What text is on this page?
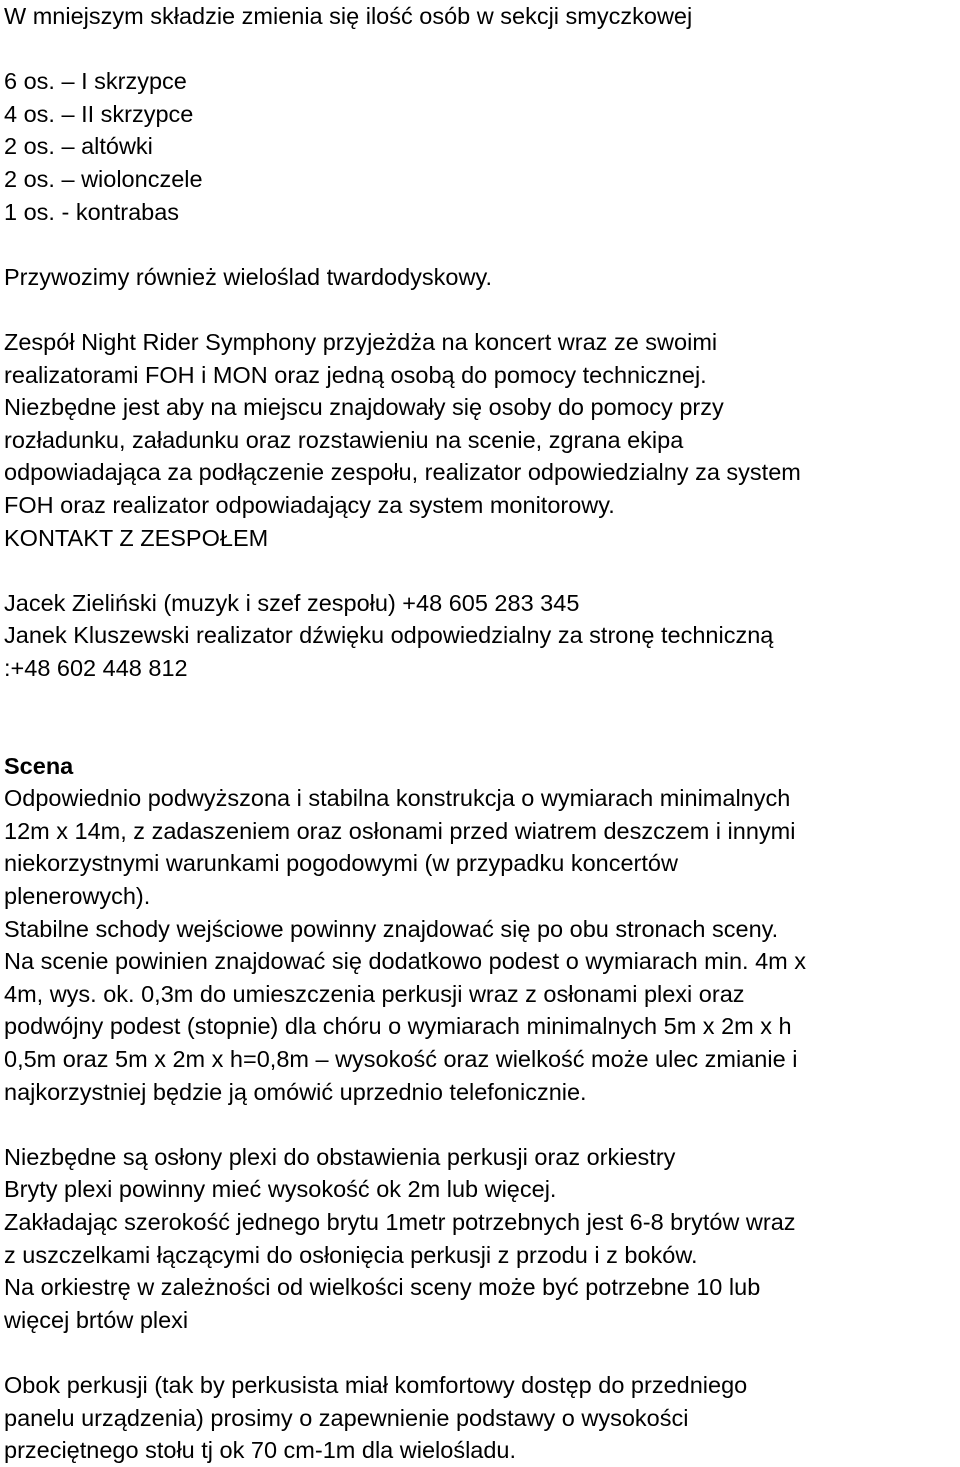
W mniejszym składzie zmienia się ilość osób w sekcji smyczkowej
6 os. – I skrzypce
4 os. – II skrzypce
2 os. – altówki
2 os. – wiolonczele
1 os. - kontrabas
Przywozimy również wieloślad twardodyskowy.
Zespół Night Rider Symphony przyjeżdża na koncert wraz ze swoimi
realizatorami FOH i MON oraz jedną osobą do pomocy technicznej.
Niezbędne jest aby na miejscu znajdowały się osoby do pomocy przy
rozładunku, załadunku oraz rozstawieniu na scenie, zgrana ekipa
odpowiadająca za podłączenie zespołu, realizator odpowiedzialny za system
FOH oraz realizator odpowiadający za system monitorowy.
KONTAKT Z ZESPOŁEM
Jacek Zieliński (muzyk i szef zespołu) +48 605 283 345
Janek Kluszewski realizator dźwięku odpowiedzialny za stronę techniczną
:+48 602 448 812
Scena
Odpowiednio podwyższona i stabilna konstrukcja o wymiarach minimalnych
12m x 14m, z zadaszeniem oraz osłonami przed wiatrem deszczem i innymi
niekorzystnymi warunkami pogodowymi (w przypadku koncertów
plenerowych).
Stabilne schody wejściowe powinny znajdować się po obu stronach sceny.
Na scenie powinien znajdować się dodatkowo podest o wymiarach min. 4m x
4m, wys. ok. 0,3m do umieszczenia perkusji wraz z osłonami plexi oraz
podwójny podest (stopnie) dla chóru o wymiarach minimalnych 5m x 2m x h
0,5m oraz 5m x 2m x h=0,8m – wysokość oraz wielkość może ulec zmianie i
najkorzystniej będzie ją omówić uprzednio telefonicznie.
Niezbędne są osłony plexi do obstawienia perkusji oraz orkiestry
Bryty plexi powinny mieć wysokość ok 2m lub więcej.
Zakładając szerokość jednego brytu 1metr potrzebnych jest 6-8 brytów wraz
z uszczelkami łączącymi do osłonięcia perkusji z przodu i z boków.
Na orkiestrę w zależności od wielkości sceny może być potrzebne 10 lub
więcej brtów plexi
Obok perkusji (tak by perkusista miał komfortowy dostęp do przedniego
panelu urządzenia) prosimy o zapewnienie podstawy o wysokości
przeciętnego stołu tj ok 70 cm-1m dla wielośladu.
